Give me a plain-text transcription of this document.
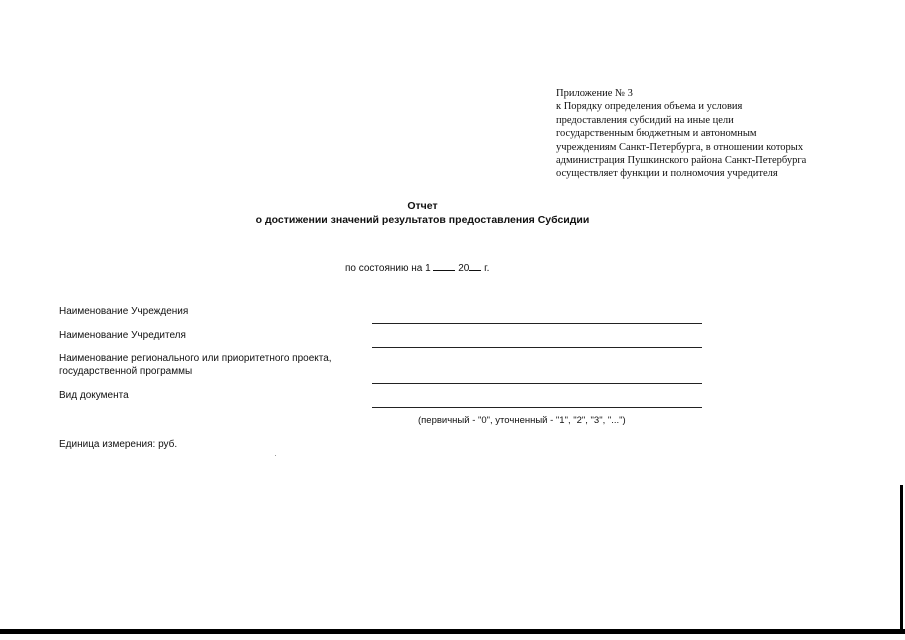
Приложение № 3
к Порядку определения объема и условия
предоставления субсидий на иные цели
государственным бюджетным и автономным
учреждениям Санкт-Петербурга, в отношении которых
администрация Пушкинского района Санкт-Петербурга
осуществляет функции и полномочия учредителя
Отчет
о достижении значений результатов предоставления Субсидии
по состоянию на 1	20 г.
Наименование Учреждения
Наименование Учредителя
Наименование регионального или приоритетного проекта,
государственной программы
Вид документа
(первичный - "0", уточненный - "1", "2", "3", "...")
Единица измерения: руб.
